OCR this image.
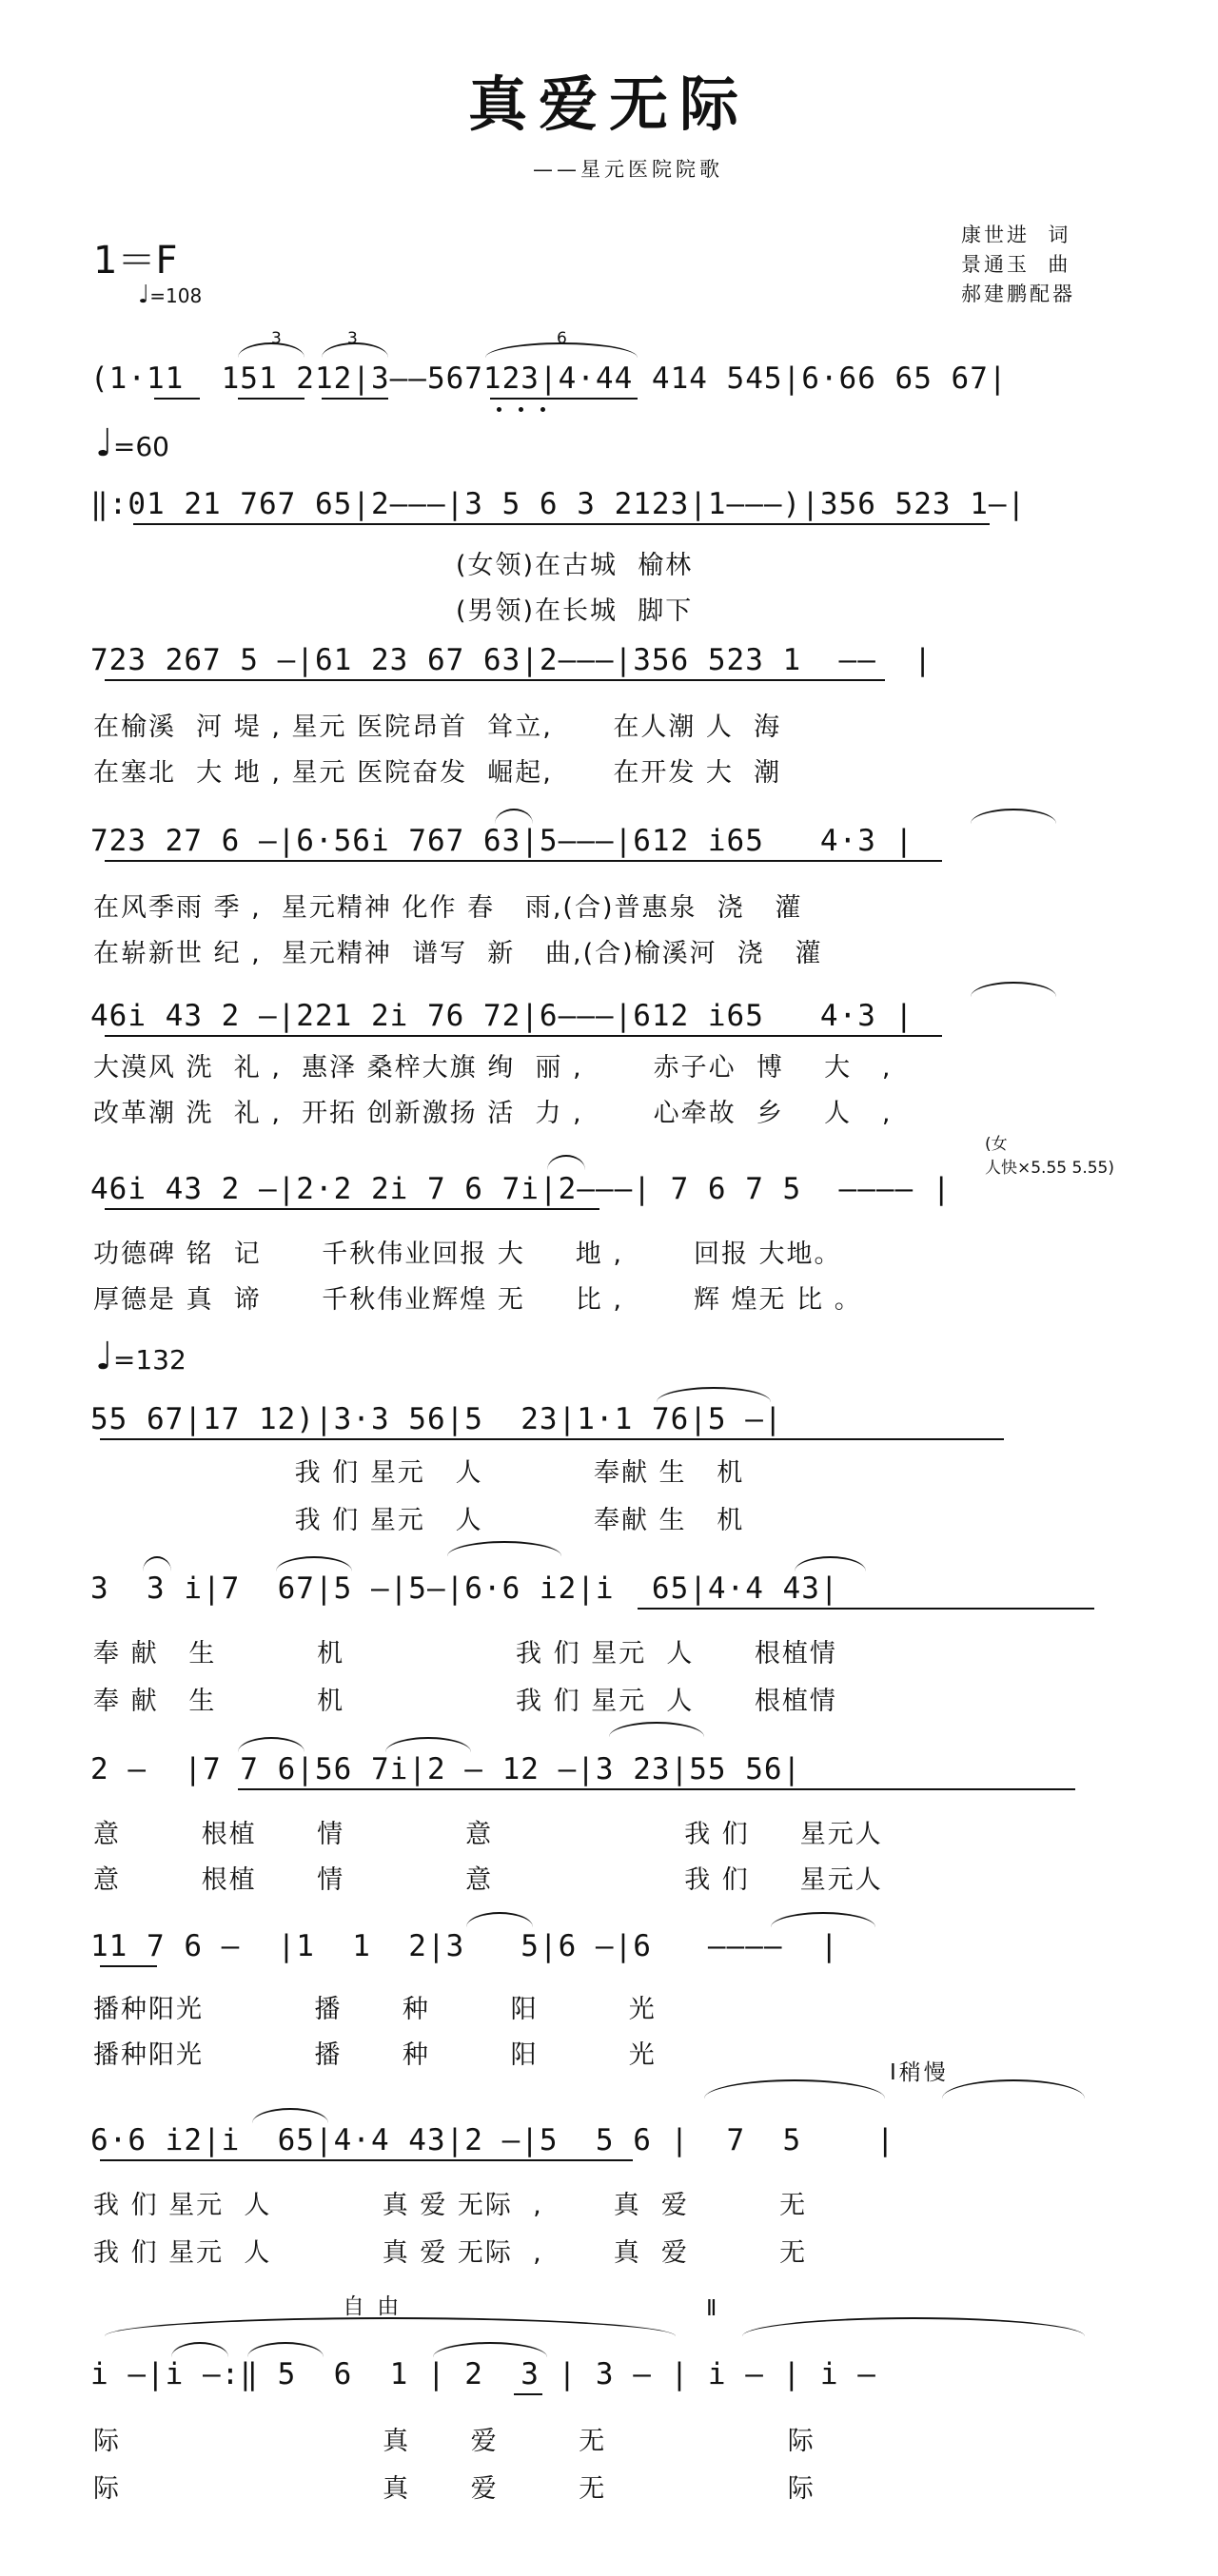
真爱无际
——星元医院院歌
1＝F
♩=108
康世进  词
景通玉  曲
郝建鹏配器
3	3	6
(1·11  151 212|3——567123|4·44 414 545|6·66 65 67|
♩=60
‖:01 21 767 65|2———|3 5 6 3 2123|1———)|356 523 1—|
(女领)在古城  榆林
(男领)在长城  脚下
723 267 5 —|61 23 67 63|2———|356 523 1  ——  |
在榆溪  河 堤 , 星元 医院昂首  耸立,      在人潮 人  海
在塞北  大 地 , 星元 医院奋发  崛起,      在开发 大  潮
723 27 6 —|6·56i 767 63|5———|612 i65   4·3 |
在风季雨 季 ,  星元精神 化作 春   雨,(合)普惠泉  浇   灌
在崭新世 纪 ,  星元精神  谱写  新   曲,(合)榆溪河  浇   灌
46i 43 2 —|221 2i 76 72|6———|612 i65   4·3 |
大漠风 洗  礼 ,  惠泽 桑梓大旗 绚  丽 ,       赤子心  博    大   ,
改革潮 洗  礼 ,  开拓 创新激扬 活  力 ,       心牵故  乡    人   ,
(女
人快×5.55 5.55)
46i 43 2 —|2·2 2i 7 6 7i|2———| 7 6 7 5  ———— |
功德碑 铭  记      千秋伟业回报 大     地 ,       回报 大地。
厚德是 真  谛      千秋伟业辉煌 无     比 ,       辉 煌无 比 。
♩=132
55 67|17 12)|3·3 56|5  23|1·1 76|5 —|
我 们 星元   人           奉献 生   机
我 们 星元   人           奉献 生   机
3  3 i|7  67|5 —|5—|6·6 i2|i  65|4·4 43|
奉 献   生          机                 我 们 星元  人      根植情
奉 献   生          机                 我 们 星元  人      根植情
2 —  |7 7 6|56 7i|2 — 12 —|3 23|55 56|
意        根植      情            意                   我 们     星元人
意        根植      情            意                   我 们     星元人
11 7 6 —  |1  1  2|3   5|6 —|6   ————  |
播种阳光           播      种        阳         光
播种阳光           播      种        阳         光
Ⅰ稍慢
6·6 i2|i  65|4·4 43|2 —|5  5 6 |  7  5    |
我 们 星元  人           真 爱 无际  ,       真  爱         无
我 们 星元  人           真 爱 无际  ,       真  爱         无
自 由	Ⅱ
i —|i —:‖ 5  6  1 | 2  3 | 3 — | i — | i —
际                          真      爱        无                  际
际                          真      爱        无                  际
